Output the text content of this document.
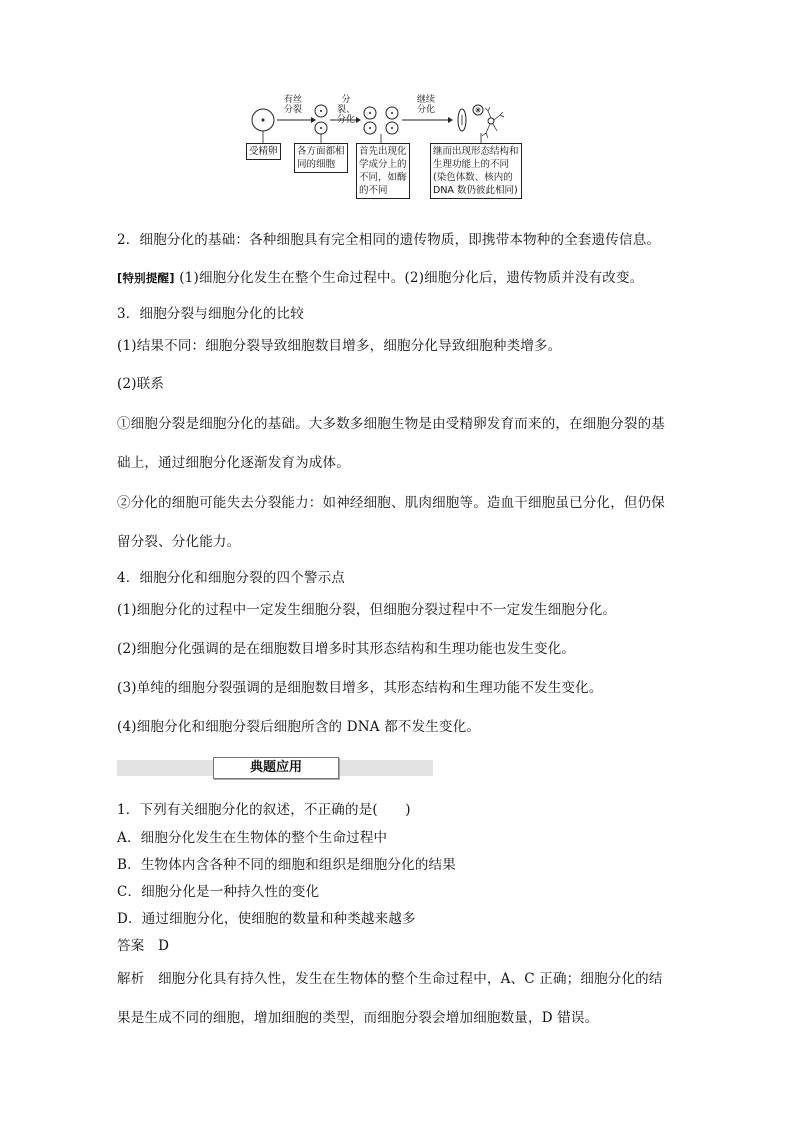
有丝分裂
分裂、分化
继续分化
受精卵	各方面都相
同的细胞
首先出现化
学成分上的
不同，如酶
的不同
继而出现形态结构和
生理功能上的不同
(染色体数、核内的
DNA 数仍彼此相同)
2．细胞分化的基础：各种细胞具有完全相同的遗传物质，即携带本物种的全套遗传信息。
[特别提醒] (1)细胞分化发生在整个生命过程中。(2)细胞分化后，遗传物质并没有改变。
3．细胞分裂与细胞分化的比较
(1)结果不同：细胞分裂导致细胞数目增多，细胞分化导致细胞种类增多。
(2)联系
①细胞分裂是细胞分化的基础。大多数多细胞生物是由受精卵发育而来的，在细胞分裂的基
础上，通过细胞分化逐渐发育为成体。
②分化的细胞可能失去分裂能力：如神经细胞、肌肉细胞等。造血干细胞虽已分化，但仍保
留分裂、分化能力。
4．细胞分化和细胞分裂的四个警示点
(1)细胞分化的过程中一定发生细胞分裂，但细胞分裂过程中不一定发生细胞分化。
(2)细胞分化强调的是在细胞数目增多时其形态结构和生理功能也发生变化。
(3)单纯的细胞分裂强调的是细胞数目增多，其形态结构和生理功能不发生变化。
(4)细胞分化和细胞分裂后细胞所含的 DNA 都不发生变化。
典题应用
1．下列有关细胞分化的叙述，不正确的是(　　)
A．细胞分化发生在生物体的整个生命过程中
B．生物体内含各种不同的细胞和组织是细胞分化的结果
C．细胞分化是一种持久性的变化
D．通过细胞分化，使细胞的数量和种类越来越多
答案　D
解析　细胞分化具有持久性，发生在生物体的整个生命过程中，A、C 正确；细胞分化的结
果是生成不同的细胞，增加细胞的类型，而细胞分裂会增加细胞数量，D 错误。
